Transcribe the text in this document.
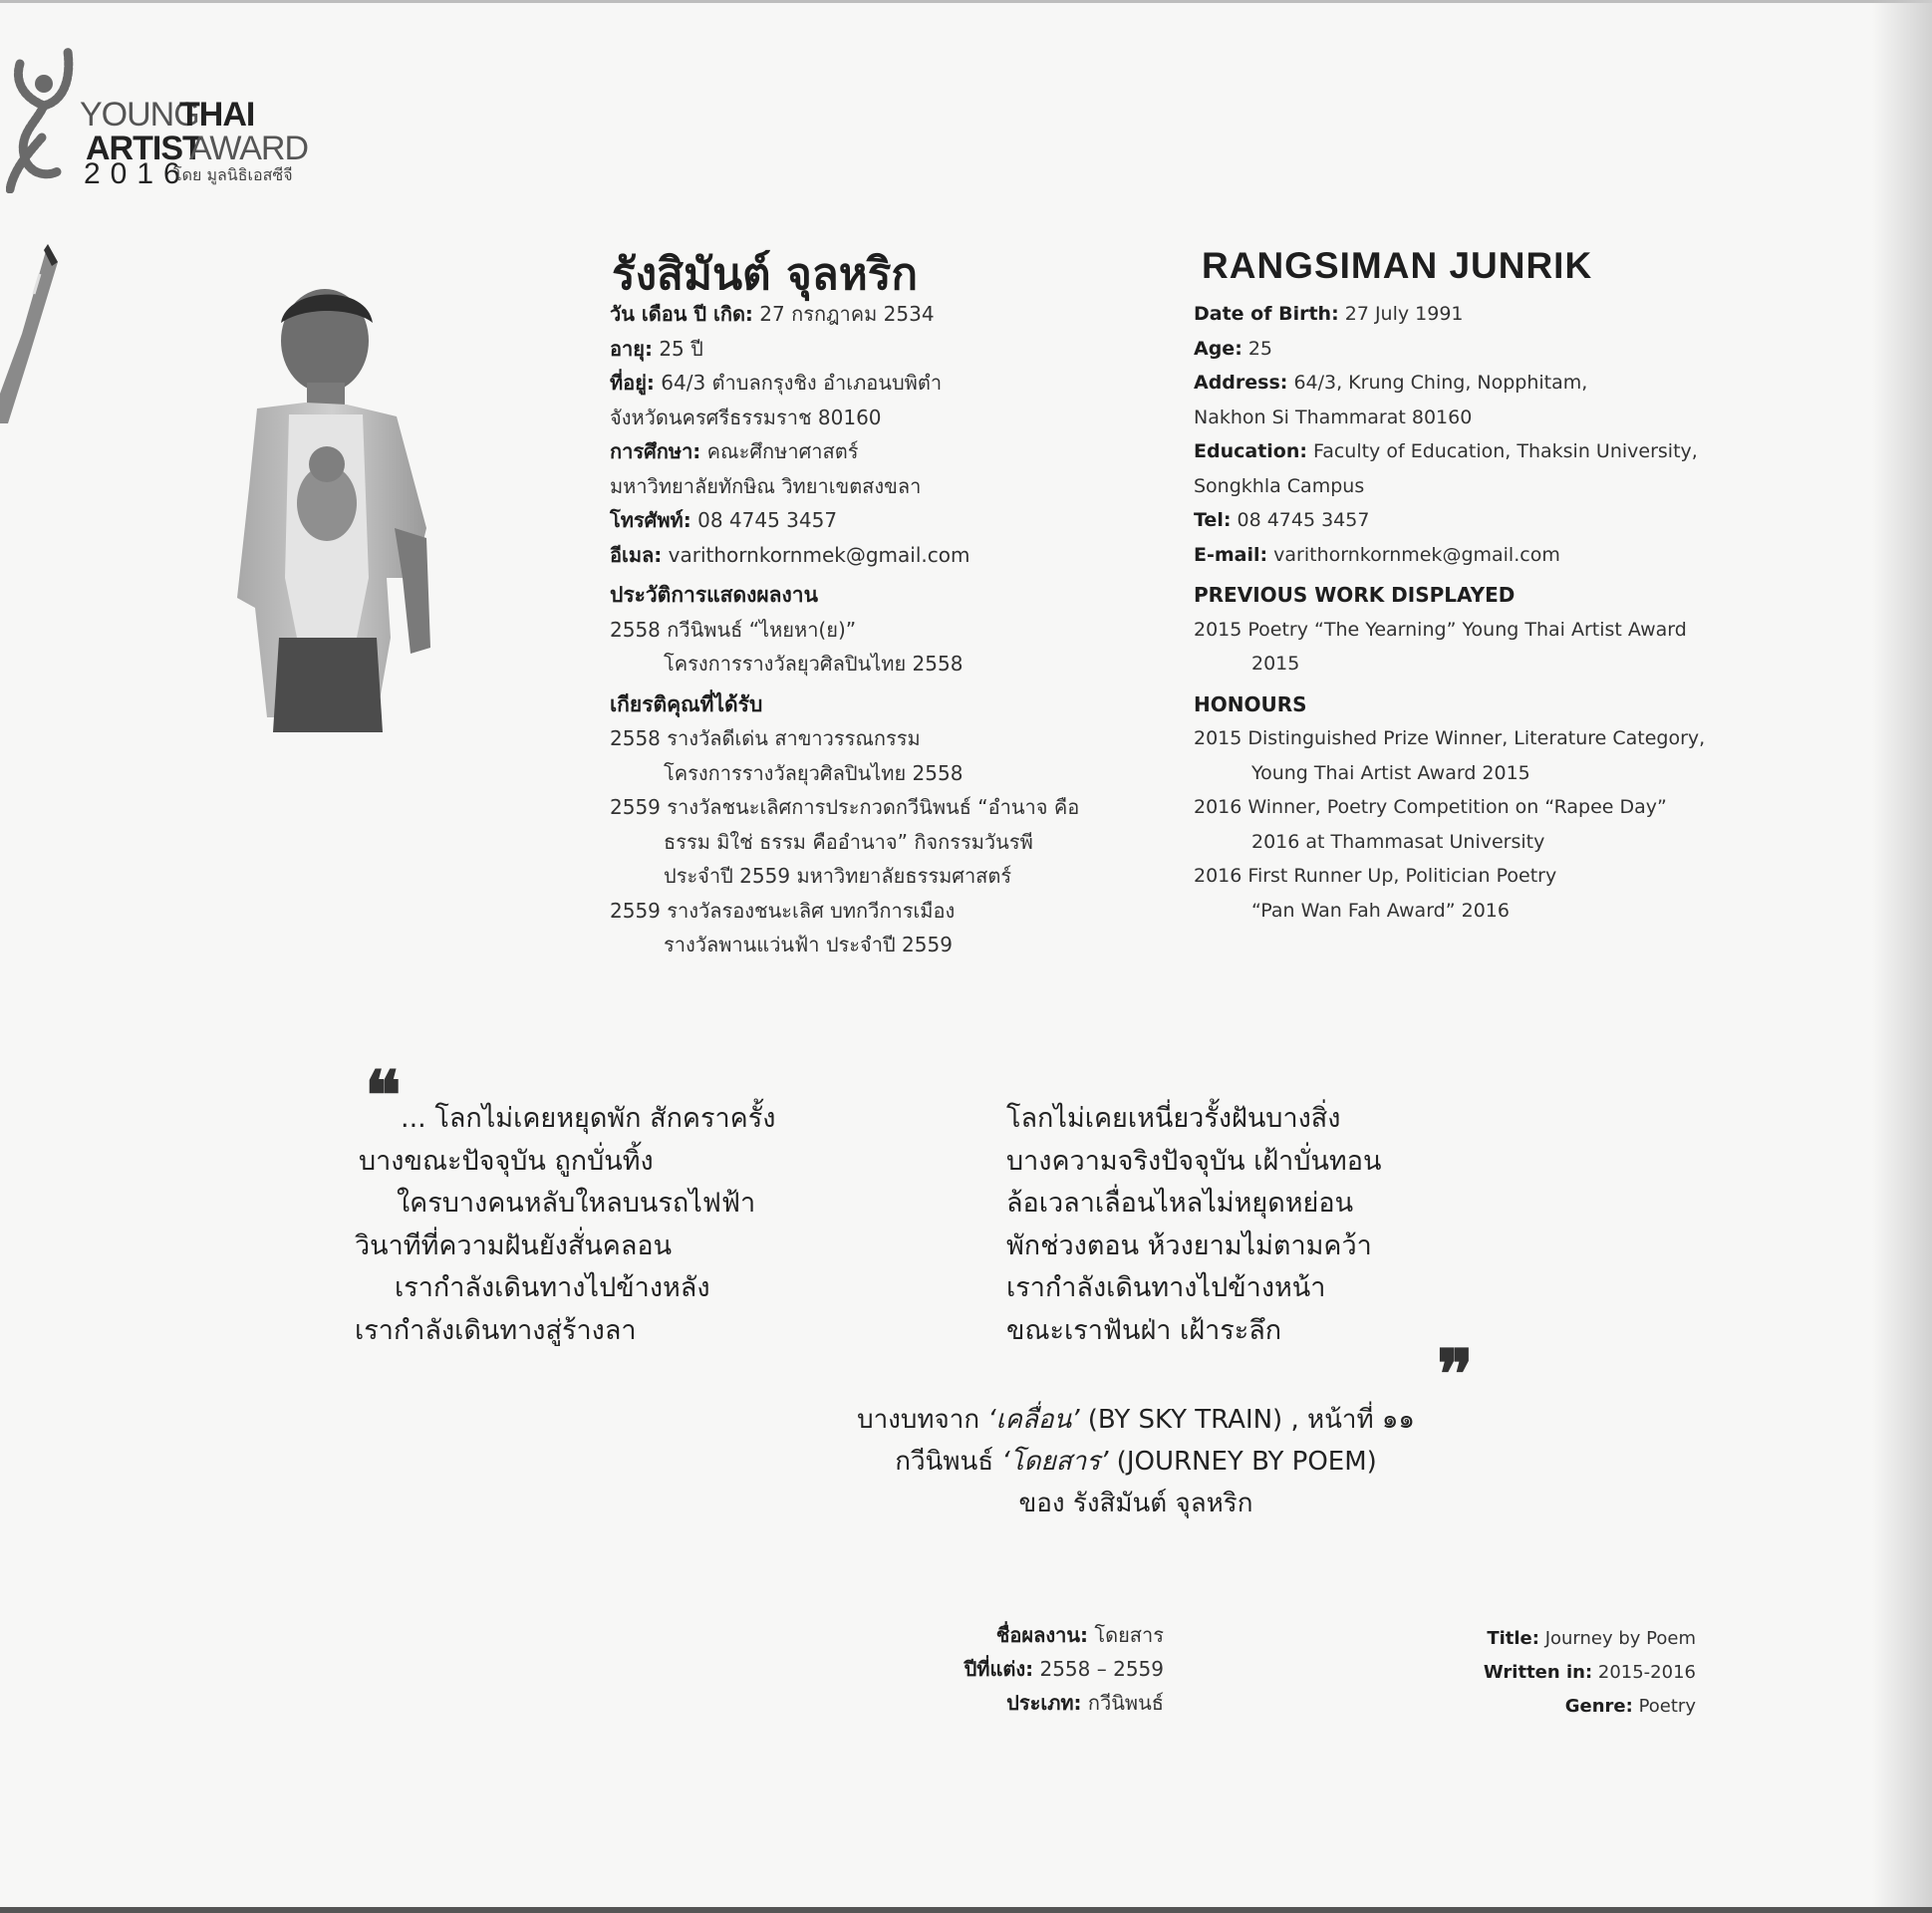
YOUNG
THAI
ARTIST
AWARD
2016
โดย มูลนิธิเอสซีจี
รังสิมันต์ จุลหริก
วัน เดือน ปี เกิด: 27 กรกฎาคม 2534
อายุ: 25 ปี
ที่อยู่: 64/3 ตำบลกรุงชิง อำเภอนบพิตำ
จังหวัดนครศรีธรรมราช 80160
การศึกษา: คณะศึกษาศาสตร์
มหาวิทยาลัยทักษิณ วิทยาเขตสงขลา
โทรศัพท์: 08 4745 3457
อีเมล: varithornkornmek@gmail.com
ประวัติการแสดงผลงาน
2558 กวีนิพนธ์ “ไหยหา(ย)”
โครงการรางวัลยุวศิลปินไทย 2558
เกียรติคุณที่ได้รับ
2558 รางวัลดีเด่น สาขาวรรณกรรม
โครงการรางวัลยุวศิลปินไทย 2558
2559 รางวัลชนะเลิศการประกวดกวีนิพนธ์ “อำนาจ คือ
ธรรม มิใช่ ธรรม คืออำนาจ” กิจกรรมวันรพี
ประจำปี 2559 มหาวิทยาลัยธรรมศาสตร์
2559 รางวัลรองชนะเลิศ บทกวีการเมือง
รางวัลพานแว่นฟ้า ประจำปี 2559
RANGSIMAN JUNRIK
Date of Birth: 27 July 1991
Age: 25
Address: 64/3, Krung Ching, Nopphitam,
Nakhon Si Thammarat 80160
Education: Faculty of Education, Thaksin University,
Songkhla Campus
Tel: 08 4745 3457
E-mail: varithornkornmek@gmail.com
PREVIOUS WORK DISPLAYED
2015 Poetry “The Yearning” Young Thai Artist Award
2015
HONOURS
2015 Distinguished Prize Winner, Literature Category,
Young Thai Artist Award 2015
2016 Winner, Poetry Competition on “Rapee Day”
2016 at Thammasat University
2016 First Runner Up, Politician Poetry
“Pan Wan Fah Award” 2016
❝ ... โลกไม่เคยหยุดพัก สักคราครั้ง
บางขณะปัจจุบัน ถูกบั่นทิ้ง
ใครบางคนหลับใหลบนรถไฟฟ้า
วินาทีที่ความฝันยังสั่นคลอน
เรากำลังเดินทางไปข้างหลัง
เรากำลังเดินทางสู่ร้างลา
โลกไม่เคยเหนี่ยวรั้งฝันบางสิ่ง
บางความจริงปัจจุบัน เฝ้าบั่นทอน
ล้อเวลาเลื่อนไหลไม่หยุดหย่อน
พักช่วงตอน ห้วงยามไม่ตามคว้า
เรากำลังเดินทางไปข้างหน้า
ขณะเราฟันฝ่า เฝ้าระลึก
❞
บางบทจาก ‘เคลื่อน’ (BY SKY TRAIN) , หน้าที่ ๑๑
กวีนิพนธ์ ‘โดยสาร’ (JOURNEY BY POEM)
ของ รังสิมันต์ จุลหริก
ชื่อผลงาน: โดยสาร
ปีที่แต่ง: 2558 – 2559
ประเภท: กวีนิพนธ์
Title: Journey by Poem
Written in: 2015-2016
Genre: Poetry
